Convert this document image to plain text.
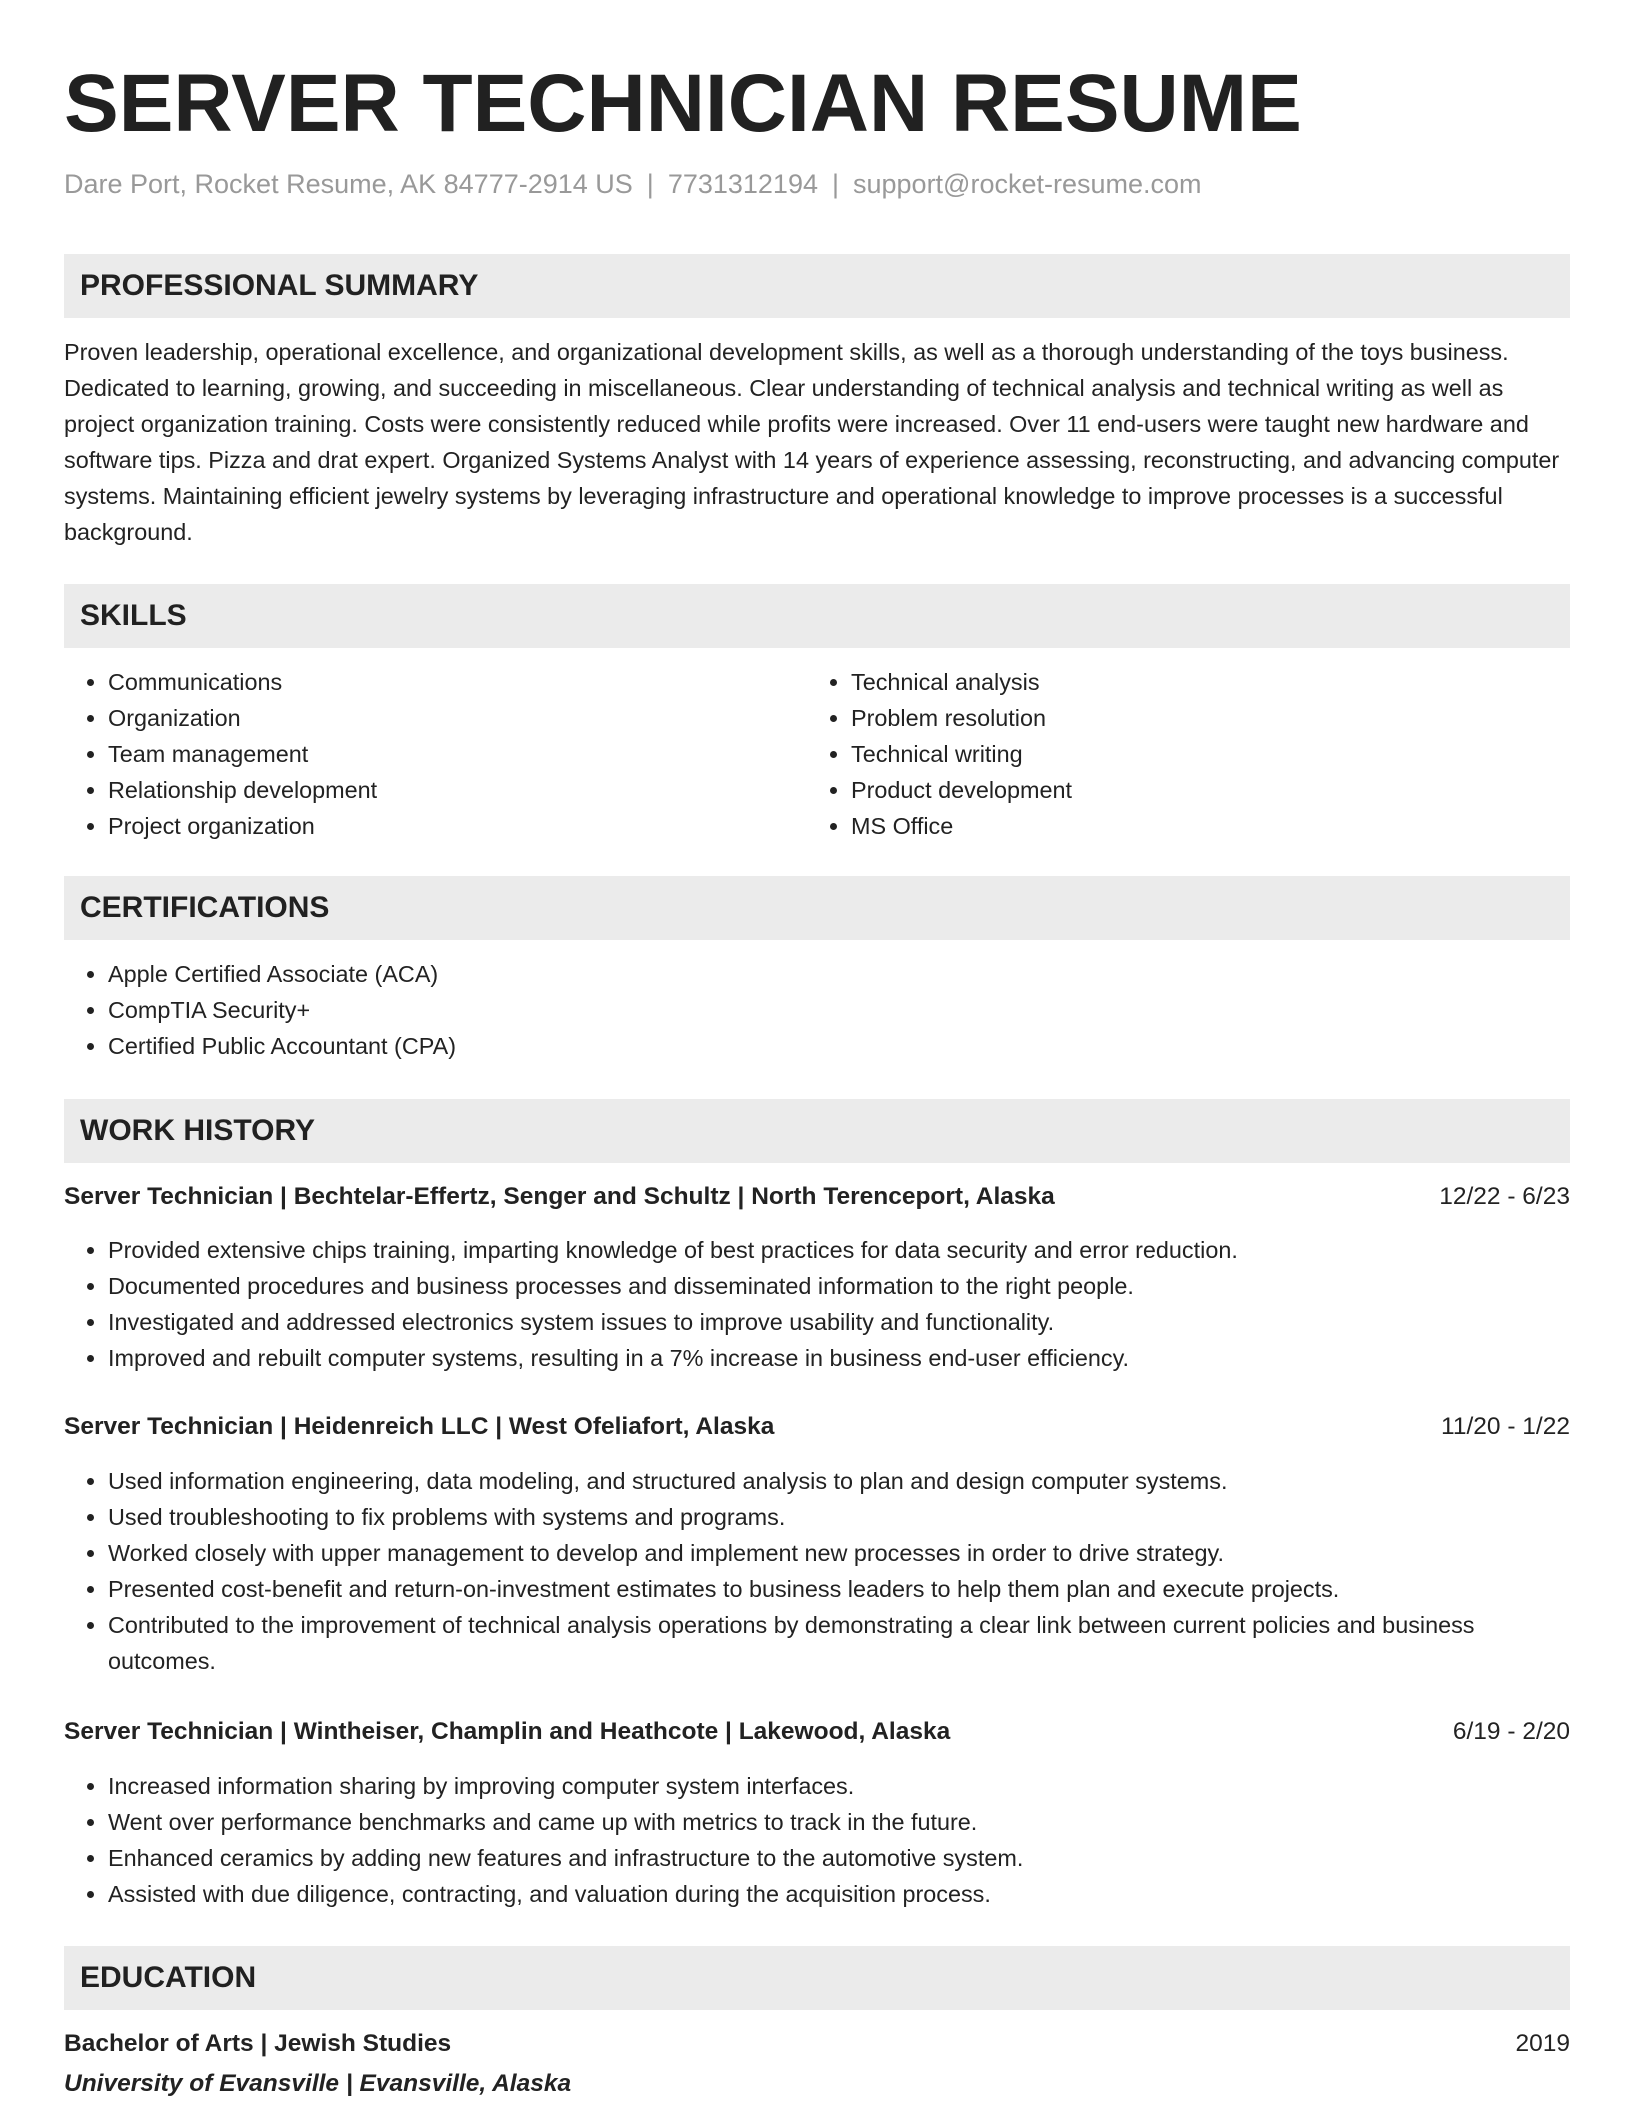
SERVER TECHNICIAN RESUME
Dare Port, Rocket Resume, AK 84777-2914 US | 7731312194 | support@rocket-resume.com
PROFESSIONAL SUMMARY

Proven leadership, operational excellence, and organizational development skills, as well as a thorough understanding of the toys business. Dedicated to learning, growing, and succeeding in miscellaneous. Clear understanding of technical analysis and technical writing as well as project organization training. Costs were consistently reduced while profits were increased. Over 11 end-users were taught new hardware and software tips. Pizza and drat expert. Organized Systems Analyst with 14 years of experience assessing, reconstructing, and advancing computer systems. Maintaining efficient jewelry systems by leveraging infrastructure and operational knowledge to improve processes is a successful background.

SKILLS
• Communications
• Organization
• Team management
• Relationship development
• Project organization
• Technical analysis
• Problem resolution
• Technical writing
• Product development
• MS Office
CERTIFICATIONS
• Apple Certified Associate (ACA)
• CompTIA Security+
• Certified Public Accountant (CPA)
WORK HISTORY
Server Technician | Bechtelar-Effertz, Senger and Schultz | North Terenceport, Alaska	12/22 - 6/23
• Provided extensive chips training, imparting knowledge of best practices for data security and error reduction.
• Documented procedures and business processes and disseminated information to the right people.
• Investigated and addressed electronics system issues to improve usability and functionality.
• Improved and rebuilt computer systems, resulting in a 7% increase in business end-user efficiency.
Server Technician | Heidenreich LLC | West Ofeliafort, Alaska	11/20 - 1/22
• Used information engineering, data modeling, and structured analysis to plan and design computer systems.
• Used troubleshooting to fix problems with systems and programs.
• Worked closely with upper management to develop and implement new processes in order to drive strategy.
• Presented cost-benefit and return-on-investment estimates to business leaders to help them plan and execute projects.
• Contributed to the improvement of technical analysis operations by demonstrating a clear link between current policies and business outcomes.
Server Technician | Wintheiser, Champlin and Heathcote | Lakewood, Alaska	6/19 - 2/20
• Increased information sharing by improving computer system interfaces.
• Went over performance benchmarks and came up with metrics to track in the future.
• Enhanced ceramics by adding new features and infrastructure to the automotive system.
• Assisted with due diligence, contracting, and valuation during the acquisition process.
EDUCATION
Bachelor of Arts | Jewish Studies	2019
University of Evansville | Evansville, Alaska
